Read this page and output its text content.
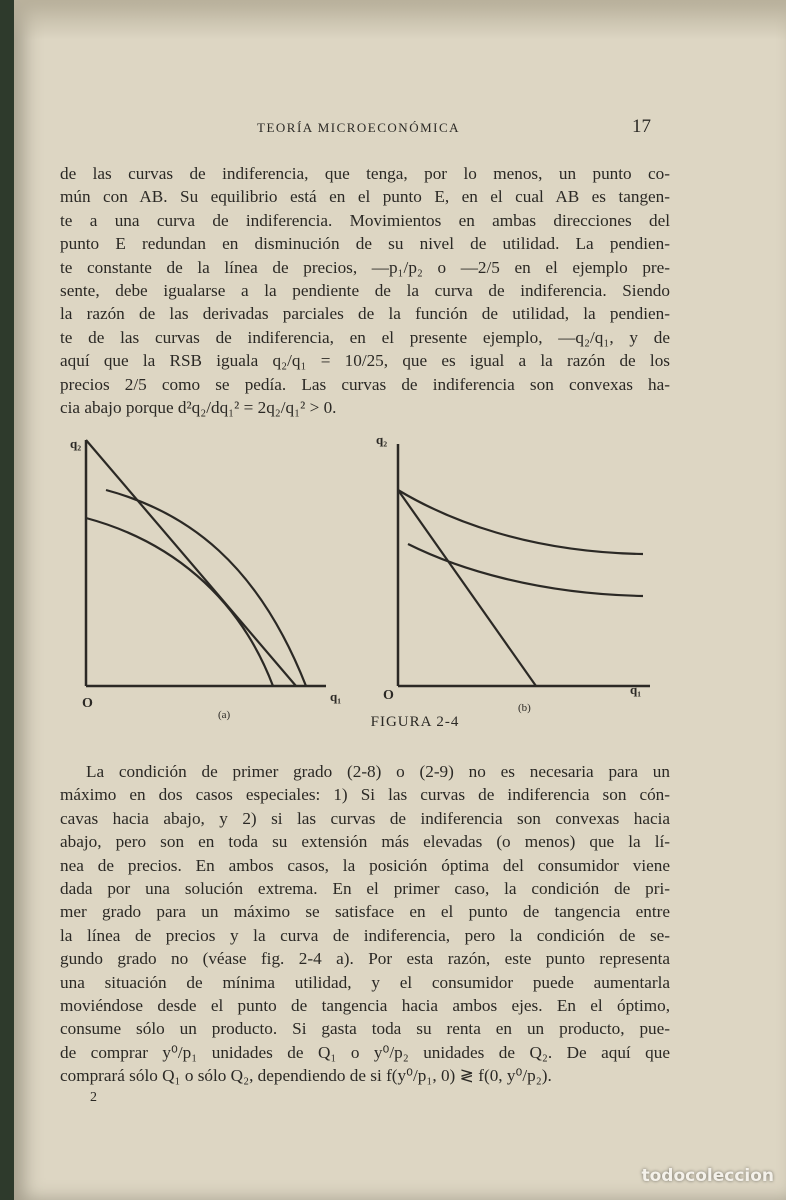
TEORÍA MICROECONÓMICA	17
de las curvas de indiferencia, que tenga, por lo menos, un punto co-
mún con AB. Su equilibrio está en el punto E, en el cual AB es tangen-
te a una curva de indiferencia. Movimientos en ambas direcciones del
punto E redundan en disminución de su nivel de utilidad. La pendien-
te constante de la línea de precios, —p₁/p₂ o —2/5 en el ejemplo pre-
sente, debe igualarse a la pendiente de la curva de indiferencia. Siendo
la razón de las derivadas parciales de la función de utilidad, la pendien-
te de las curvas de indiferencia, en el presente ejemplo, —q₂/q₁, y de
aquí que la RSB iguala q₂/q₁ = 10/25, que es igual a la razón de los
precios 2/5 como se pedía. Las curvas de indiferencia son convexas ha-
cia abajo porque d²q₂/dq₁² = 2q₂/q₁² > 0.
q₂
O	q₁
(a)
q₂
O	q₁
(b)
FIGURA 2-4
La condición de primer grado (2-8) o (2-9) no es necesaria para un
máximo en dos casos especiales: 1) Si las curvas de indiferencia son cón-
cavas hacia abajo, y 2) si las curvas de indiferencia son convexas hacia
abajo, pero son en toda su extensión más elevadas (o menos) que la lí-
nea de precios. En ambos casos, la posición óptima del consumidor viene
dada por una solución extrema. En el primer caso, la condición de pri-
mer grado para un máximo se satisface en el punto de tangencia entre
la línea de precios y la curva de indiferencia, pero la condición de se-
gundo grado no (véase fig. 2-4 a). Por esta razón, este punto representa
una situación de mínima utilidad, y el consumidor puede aumentarla
moviéndose desde el punto de tangencia hacia ambos ejes. En el óptimo,
consume sólo un producto. Si gasta toda su renta en un producto, pue-
de comprar y⁰/p₁ unidades de Q₁ o y⁰/p₂ unidades de Q₂. De aquí que
comprará sólo Q₁ o sólo Q₂, dependiendo de si f(y⁰/p₁, 0) ≷ f(0, y⁰/p₂).
2
todocoleccion
